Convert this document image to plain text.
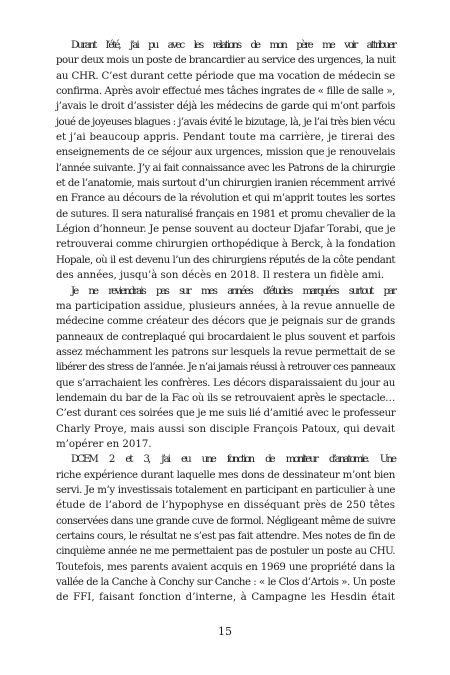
Durant l’été, j’ai pu avec les relations de mon père me voir attribuer
pour deux mois un poste de brancardier au service des urgences, la nuit
au CHR. C’est durant cette période que ma vocation de médecin se
confirma. Après avoir effectué mes tâches ingrates de « fille de salle »,
j’avais le droit d’assister déjà les médecins de garde qui m’ont parfois
joué de joyeuses blagues : j’avais évité le bizutage, là, je l’ai très bien vécu
et j’ai beaucoup appris. Pendant toute ma carrière, je tirerai des
enseignements de ce séjour aux urgences, mission que je renouvelais
l’année suivante. J’y ai fait connaissance avec les Patrons de la chirurgie
et de l’anatomie, mais surtout d’un chirurgien iranien récemment arrivé
en France au décours de la révolution et qui m’apprit toutes les sortes
de sutures. Il sera naturalisé français en 1981 et promu chevalier de la
Légion d’honneur. Je pense souvent au docteur Djafar Torabi, que je
retrouverai comme chirurgien orthopédique à Berck, à la fondation
Hopale, où il est devenu l’un des chirurgiens réputés de la côte pendant
des années, jusqu’à son décès en 2018. Il restera un fidèle ami.
Je ne reviendrais pas sur mes années d’études marquées surtout par
ma participation assidue, plusieurs années, à la revue annuelle de
médecine comme créateur des décors que je peignais sur de grands
panneaux de contreplaqué qui brocardaient le plus souvent et parfois
assez méchamment les patrons sur lesquels la revue permettait de se
libérer des stress de l’année. Je n’ai jamais réussi à retrouver ces panneaux
que s’arrachaient les confrères. Les décors disparaissaient du jour au
lendemain du bar de la Fac où ils se retrouvaient après le spectacle…
C’est durant ces soirées que je me suis lié d’amitié avec le professeur
Charly Proye, mais aussi son disciple François Patoux, qui devait
m’opérer en 2017.
DCEM 2 et 3, j’ai eu une fonction de moniteur d’anatomie. Une
riche expérience durant laquelle mes dons de dessinateur m’ont bien
servi. Je m’y investissais totalement en participant en particulier à une
étude de l’abord de l’hypophyse en disséquant près de 250 têtes
conservées dans une grande cuve de formol. Négligeant même de suivre
certains cours, le résultat ne s’est pas fait attendre. Mes notes de fin de
cinquième année ne me permettaient pas de postuler un poste au CHU.
Toutefois, mes parents avaient acquis en 1969 une propriété dans la
vallée de la Canche à Conchy sur Canche : « le Clos d’Artois ». Un poste
de FFI, faisant fonction d’interne, à Campagne les Hesdin était
15
